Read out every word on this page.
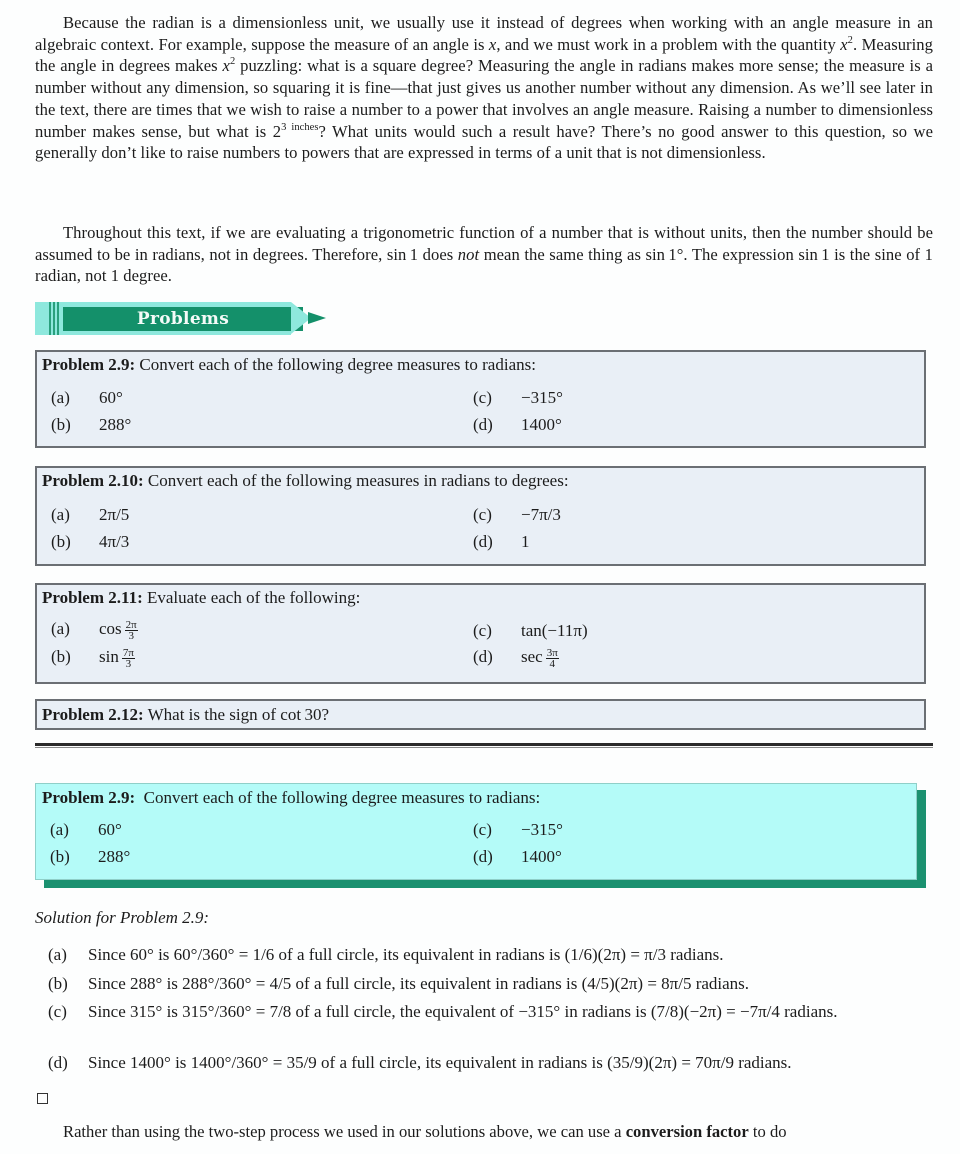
Because the radian is a dimensionless unit, we usually use it instead of degrees when working with an angle measure in an algebraic context. For example, suppose the measure of an angle is x, and we must work in a problem with the quantity $x^2$. Measuring the angle in degrees makes $x^2$ puzzling: what is a square degree? Measuring the angle in radians makes more sense; the measure is a number without any dimension, so squaring it is fine—that just gives us another number without any dimension. As we’ll see later in the text, there are times that we wish to raise a number to a power that involves an angle measure. Raising a number to dimensionless number makes sense, but what is $2^{3 inches}$? What units would such a result have? There’s no good answer to this question, so we generally don’t like to raise numbers to powers that are expressed in terms of a unit that is not dimensionless.

Throughout this text, if we are evaluating a trigonometric function of a number that is without units, then the number should be assumed to be in radians, not in degrees. Therefore, sin 1 does not mean the same thing as sin 1°. The expression sin 1 is the sine of 1 radian, not 1 degree.

Problems
Problem 2.9: Convert each of the following degree measures to radians:
(a) 60°
(b) 288°
(c) −315°
(d) 1400°
Problem 2.10: Convert each of the following measures in radians to degrees:
(a) 2π/5
(b) 4π/3
(c) −7π/3
(d) 1
Problem 2.11: Evaluate each of the following:
(a) $\cos \frac{2\pi}{3}$
(b) $\sin \frac{7\pi}{3}$
(c) tan(−11π)
(d) $\sec \frac{3\pi}{4}$
Problem 2.12: What is the sign of cot 30?
Problem 2.9:  Convert each of the following degree measures to radians:
(a) 60°
(b) 288°
(c) −315°
(d) 1400°
Solution for Problem 2.9:
(a) Since 60° is 60°/360° = 1/6 of a full circle, its equivalent in radians is (1/6)(2π) = π/3 radians.
(b) Since 288° is 288°/360° = 4/5 of a full circle, its equivalent in radians is (4/5)(2π) = 8π/5 radians.
(c) Since 315° is 315°/360° = 7/8 of a full circle, the equivalent of −315° in radians is (7/8)(−2π) = −7π/4 radians.
(d) Since 1400° is 1400°/360° = 35/9 of a full circle, its equivalent in radians is (35/9)(2π) = 70π/9 radians.
Rather than using the two-step process we used in our solutions above, we can use a conversion factor to do
